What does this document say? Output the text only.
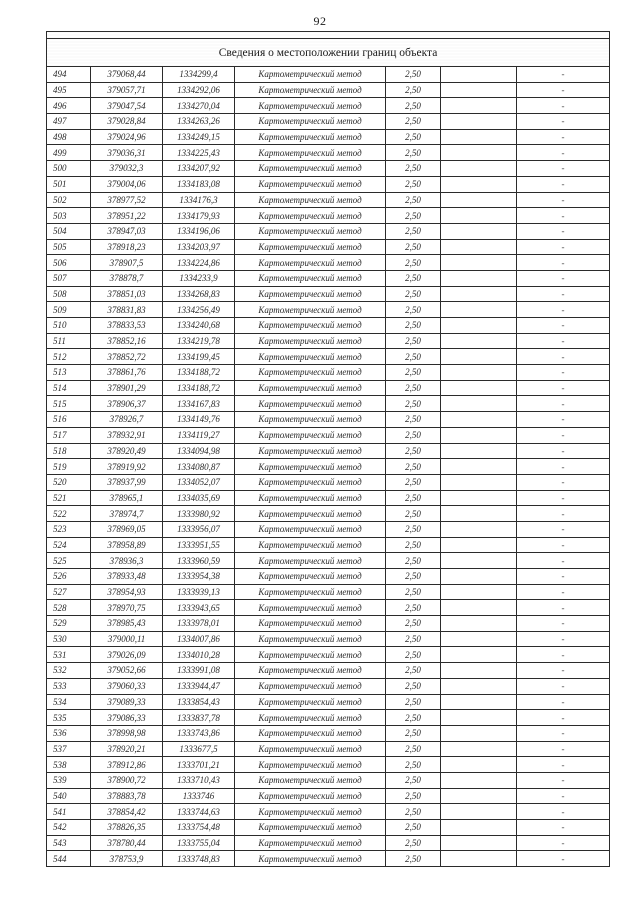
92

Сведения о местоположении границ объекта						
494	379068,44	1334299,4	Картометрический метод	2,50		-
495	379057,71	1334292,06	Картометрический метод	2,50		-
496	379047,54	1334270,04	Картометрический метод	2,50		-
497	379028,84	1334263,26	Картометрический метод	2,50		-
498	379024,96	1334249,15	Картометрический метод	2,50		-
499	379036,31	1334225,43	Картометрический метод	2,50		-
500	379032,3	1334207,92	Картометрический метод	2,50		-
501	379004,06	1334183,08	Картометрический метод	2,50		-
502	378977,52	1334176,3	Картометрический метод	2,50		-
503	378951,22	1334179,93	Картометрический метод	2,50		-
504	378947,03	1334196,06	Картометрический метод	2,50		-
505	378918,23	1334203,97	Картометрический метод	2,50		-
506	378907,5	1334224,86	Картометрический метод	2,50		-
507	378878,7	1334233,9	Картометрический метод	2,50		-
508	378851,03	1334268,83	Картометрический метод	2,50		-
509	378831,83	1334256,49	Картометрический метод	2,50		-
510	378833,53	1334240,68	Картометрический метод	2,50		-
511	378852,16	1334219,78	Картометрический метод	2,50		-
512	378852,72	1334199,45	Картометрический метод	2,50		-
513	378861,76	1334188,72	Картометрический метод	2,50		-
514	378901,29	1334188,72	Картометрический метод	2,50		-
515	378906,37	1334167,83	Картометрический метод	2,50		-
516	378926,7	1334149,76	Картометрический метод	2,50		-
517	378932,91	1334119,27	Картометрический метод	2,50		-
518	378920,49	1334094,98	Картометрический метод	2,50		-
519	378919,92	1334080,87	Картометрический метод	2,50		-
520	378937,99	1334052,07	Картометрический метод	2,50		-
521	378965,1	1334035,69	Картометрический метод	2,50		-
522	378974,7	1333980,92	Картометрический метод	2,50		-
523	378969,05	1333956,07	Картометрический метод	2,50		-
524	378958,89	1333951,55	Картометрический метод	2,50		-
525	378936,3	1333960,59	Картометрический метод	2,50		-
526	378933,48	1333954,38	Картометрический метод	2,50		-
527	378954,93	1333939,13	Картометрический метод	2,50		-
528	378970,75	1333943,65	Картометрический метод	2,50		-
529	378985,43	1333978,01	Картометрический метод	2,50		-
530	379000,11	1334007,86	Картометрический метод	2,50		-
531	379026,09	1334010,28	Картометрический метод	2,50		-
532	379052,66	1333991,08	Картометрический метод	2,50		-
533	379060,33	1333944,47	Картометрический метод	2,50		-
534	379089,33	1333854,43	Картометрический метод	2,50		-
535	379086,33	1333837,78	Картометрический метод	2,50		-
536	378998,98	1333743,86	Картометрический метод	2,50		-
537	378920,21	1333677,5	Картометрический метод	2,50		-
538	378912,86	1333701,21	Картометрический метод	2,50		-
539	378900,72	1333710,43	Картометрический метод	2,50		-
540	378883,78	1333746	Картометрический метод	2,50		-
541	378854,42	1333744,63	Картометрический метод	2,50		-
542	378826,35	1333754,48	Картометрический метод	2,50		-
543	378780,44	1333755,04	Картометрический метод	2,50		-
544	378753,9	1333748,83	Картометрический метод	2,50		-
